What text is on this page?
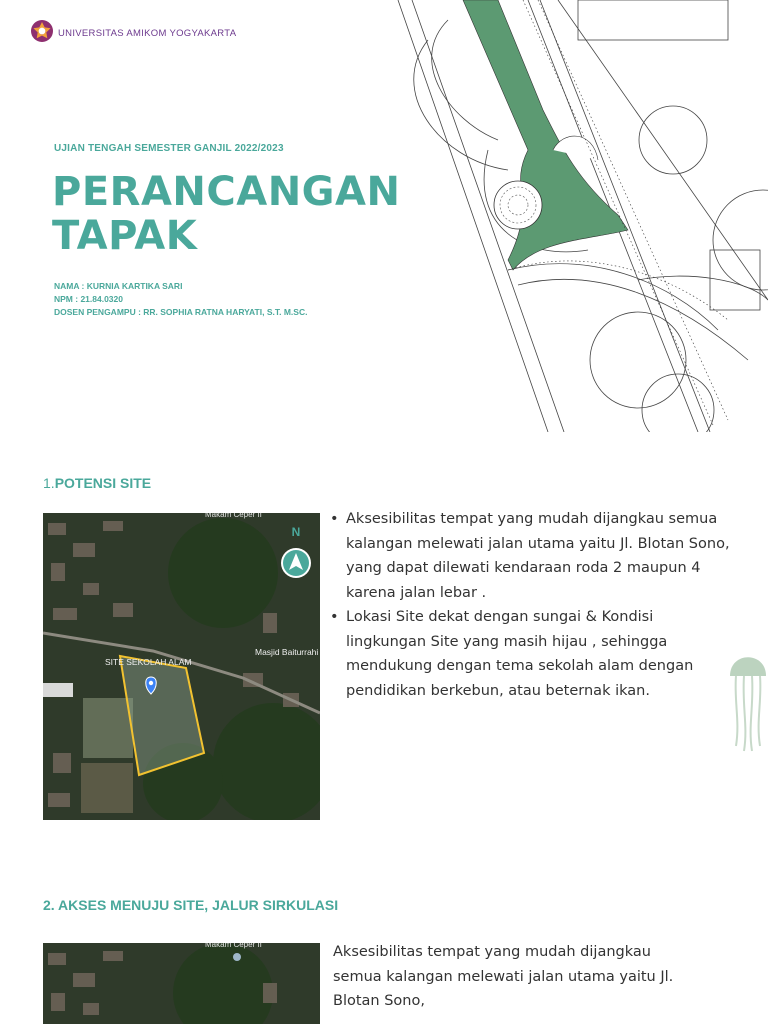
UNIVERSITAS AMIKOM YOGYAKARTA
UJIAN TENGAH SEMESTER GANJIL 2022/2023
PERANCANGAN
TAPAK
NAMA : KURNIA KARTIKA SARI
NPM : 21.84.0320
DOSEN PENGAMPU : RR. SOPHIA RATNA HARYATI, S.T. M.SC.
1.POTENSI SITE
N
Makam Ceper II
SITE SEKOLAH ALAM
Masjid Baiturrahi
• Aksesibilitas tempat yang mudah dijangkau semua kalangan melewati jalan utama yaitu Jl. Blotan Sono, yang dapat dilewati kendaraan roda 2 maupun 4 karena jalan lebar .
• Lokasi Site dekat dengan sungai & Kondisi lingkungan Site yang masih hijau , sehingga mendukung dengan tema sekolah alam dengan pendidikan berkebun, atau beternak ikan.
2. AKSES MENUJU SITE, JALUR SIRKULASI
Makam Ceper II	Aksesibilitas tempat yang mudah dijangkau
semua kalangan melewati jalan utama yaitu Jl.
Blotan Sono,
